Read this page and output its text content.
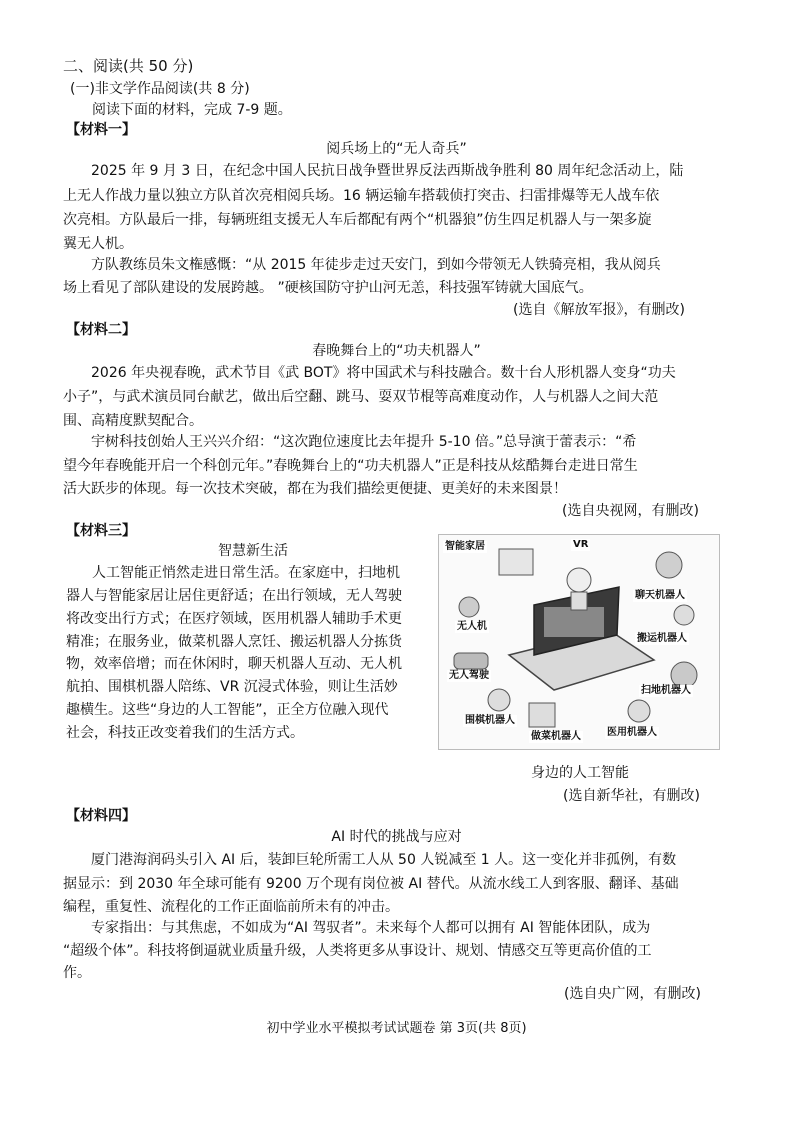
二、阅读(共 50 分)
(一)非文学作品阅读(共 8 分)
阅读下面的材料，完成 7-9 题。
【材料一】
阅兵场上的“无人奇兵”
2025 年 9 月 3 日，在纪念中国人民抗日战争暨世界反法西斯战争胜利 80 周年纪念活动上，陆
上无人作战力量以独立方队首次亮相阅兵场。16 辆运输车搭载侦打突击、扫雷排爆等无人战车依
次亮相。方队最后一排，每辆班组支援无人车后都配有两个“机器狼”仿生四足机器人与一架多旋
翼无人机。
方队教练员朱文権感慨：“从 2015 年徒步走过天安门，到如今带领无人铁骑亮相，我从阅兵
场上看见了部队建设的发展跨越。 ”硬核国防守护山河无恙，科技强军铸就大国底气。
(选自《解放军报》，有删改)
【材料二】
春晚舞台上的“功夫机器人”
2026 年央视春晚，武术节目《武 BOT》将中国武术与科技融合。数十台人形机器人变身“功夫
小子”，与武术演员同台献艺，做出后空翻、跳马、耍双节棍等高难度动作，人与机器人之间大范
围、高精度默契配合。
宇树科技创始人王兴兴介绍：“这次跑位速度比去年提升 5-10 倍。”总导演于蕾表示：“希
望今年春晚能开启一个科创元年。”春晚舞台上的“功夫机器人”正是科技从炫酷舞台走进日常生
活大跃步的体现。每一次技术突破，都在为我们描绘更便捷、更美好的未来图景！
(选自央视网，有删改)
【材料三】
智慧新生活
人工智能正悄然走进日常生活。在家庭中，扫地机
器人与智能家居让居住更舒适；在出行领域，无人驾驶
将改变出行方式；在医疗领域，医用机器人辅助手术更
精准；在服务业，做菜机器人烹饪、搬运机器人分拣货
物，效率倍增；而在休闲时，聊天机器人互动、无人机
航拍、围棋机器人陪练、VR 沉浸式体验，则让生活妙
趣横生。这些“身边的人工智能”，正全方位融入现代
社会，科技正改变着我们的生活方式。
智能家居	VR
聊天机器人
无人机
搬运机器人
无人驾驶
扫地机器人
围棋机器人
做菜机器人	医用机器人
身边的人工智能
(选自新华社，有删改)
【材料四】
AI 时代的挑战与应对
厦门港海润码头引入 AI 后，装卸巨轮所需工人从 50 人锐减至 1 人。这一变化并非孤例，有数
据显示：到 2030 年全球可能有 9200 万个现有岗位被 AI 替代。从流水线工人到客服、翻译、基础
编程，重复性、流程化的工作正面临前所未有的冲击。
专家指出：与其焦虑，不如成为“AI 驾驭者”。未来每个人都可以拥有 AI 智能体团队，成为
“超级个体”。科技将倒逼就业质量升级，人类将更多从事设计、规划、情感交互等更高价值的工
作。
(选自央广网，有删改)
初中学业水平模拟考试试题卷 第 3页(共 8页)
